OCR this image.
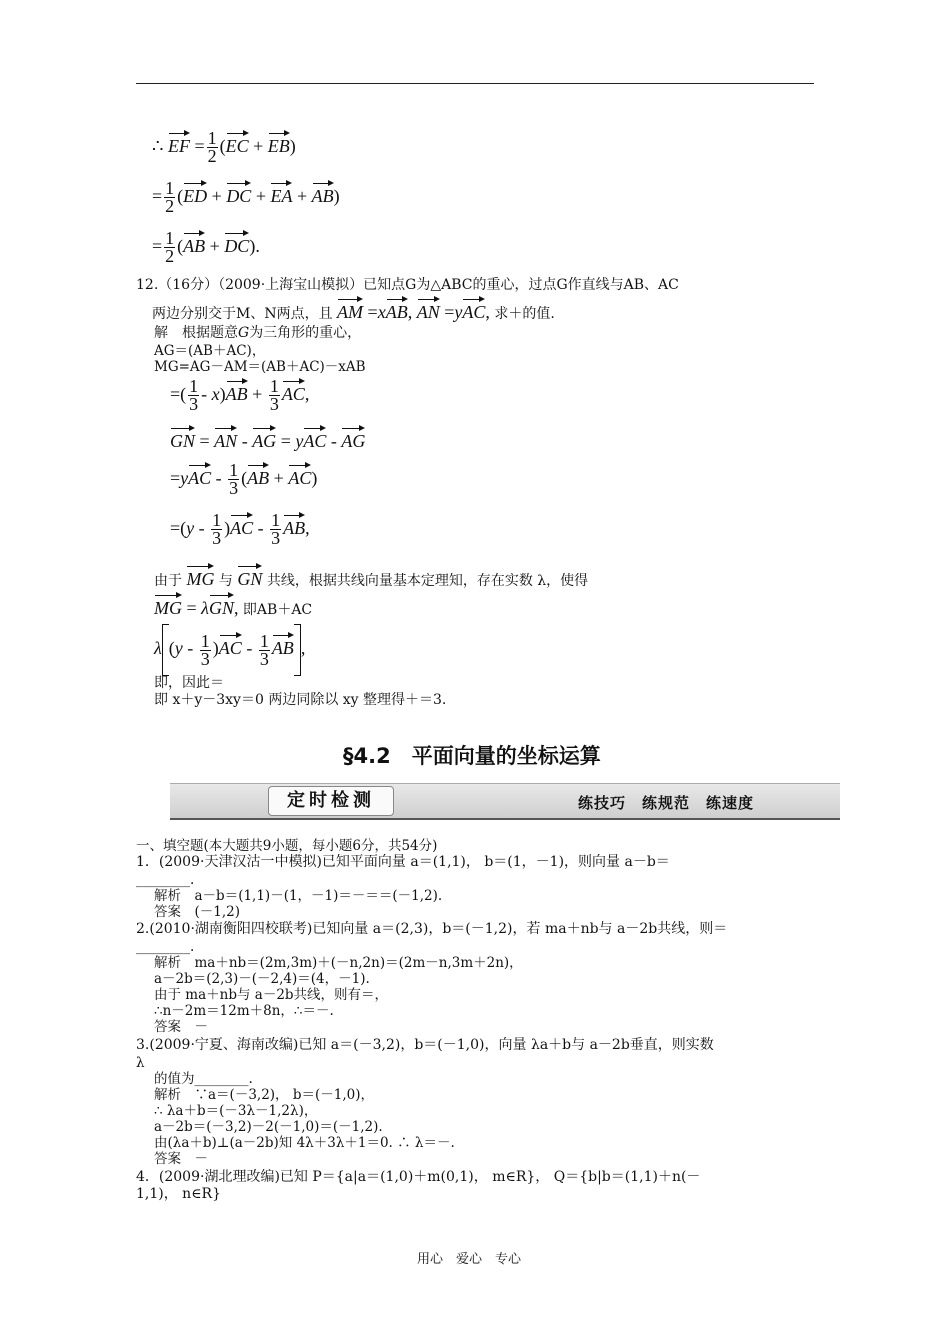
∴ EF = $\frac{1}{2} (EC + EB)$
= $\frac{1}{2} (ED$ + DC + EA + AB)
= $\frac{1}{2} (AB + DC)$.
12.（16分）（2009·上海宝山模拟）已知点G为△ABC的重心，过点G作直线与AB、AC
两边分别交于M、N两点，且 AM =xAB, AN =yAC, 求＋的值.
解　 根据题意G为三角形的重心，
AG＝(AB＋AC)，
MG=AG－AM＝(AB＋AC)－xAB
=( $\frac{1}{3} - x)AB + \frac{1}{3}$ AC,
GN = AN - AG = yAC - AG
$=yAC - \frac{1}{3} (AB + AC)$
$=(y - \frac{1}{3} )AC - \frac{1}{3}$ AB,
由于 MG 与 GN 共线，根据共线向量基本定理知，存在实数 λ，使得
MG = λGN, 即AB＋AC
λ $(y - \frac{1}{3} )AC - \frac{1}{3}$ AB ,
即，因此＝
即 x＋y－3xy＝0 两边同除以 xy 整理得＋＝3.
§4.2　平面向量的坐标运算
定时检测	练技巧　练规范　练速度
一、填空题(本大题共9小题，每小题6分，共54分)
1．(2009·天津汉沽一中模拟)已知平面向量 a＝(1,1)， b＝(1，－1)，则向量 a－b＝
________.
解析　a－b＝(1,1)－(1，－1)＝－＝＝(－1,2).
答案　(－1,2)
2.(2010·湖南衡阳四校联考)已知向量 a＝(2,3)，b＝(－1,2)，若 ma＋nb与 a－2b共线，则＝
________.
解析　ma＋nb＝(2m,3m)＋(－n,2n)＝(2m－n,3m＋2n)，
a－2b＝(2,3)－(－2,4)＝(4，－1).
由于 ma＋nb与 a－2b共线，则有＝，
∴n－2m＝12m＋8n，∴＝－.
答案　－
3.(2009·宁夏、海南改编)已知 a＝(－3,2)，b＝(－1,0)，向量 λa＋b与 a－2b垂直，则实数
λ
的值为________.
解析　∵a＝(－3,2)， b＝(－1,0)，
∴ λa＋b＝(－3λ－1,2λ)，
a－2b＝(－3,2)－2(－1,0)＝(－1,2).
由(λa＋b)⊥(a－2b)知 4λ＋3λ＋1＝0. ∴ λ＝－.
答案　－
4．(2009·湖北理改编)已知 P＝{a|a＝(1,0)＋m(0,1)， m∈R}， Q＝{b|b＝(1,1)＋n(－
1,1)， n∈R}
用心　爱心　专心
